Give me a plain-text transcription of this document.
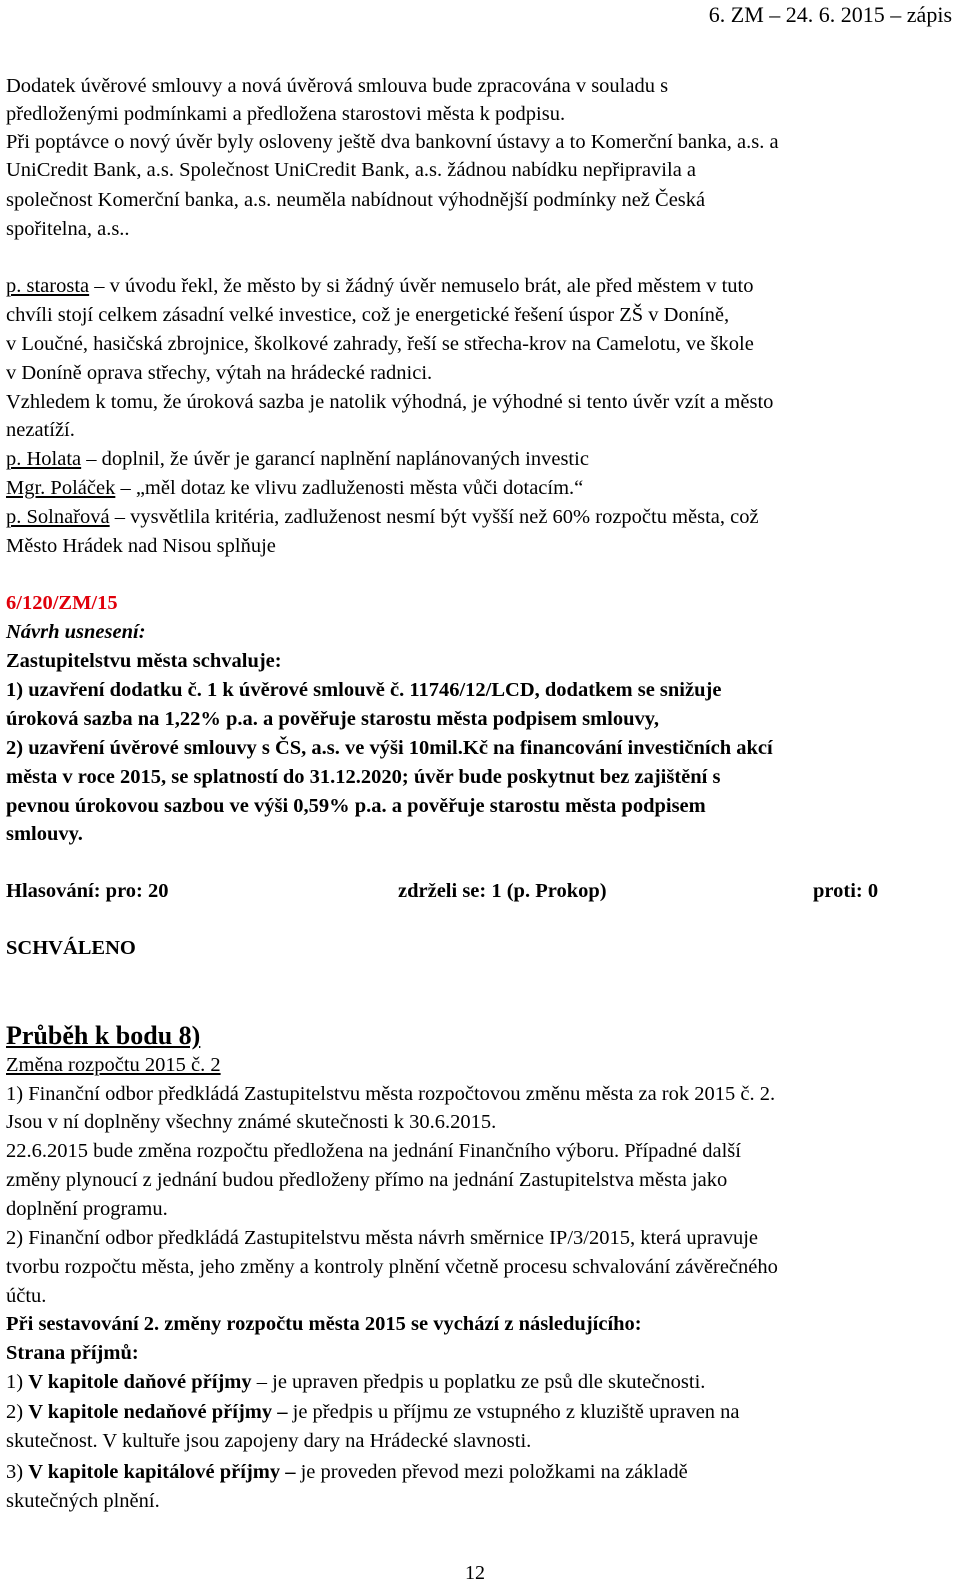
6. ZM – 24. 6. 2015 – zápis
Dodatek úvěrové smlouvy a nová úvěrová smlouva bude zpracována v souladu s
předloženými podmínkami a předložena starostovi města k podpisu.
Při poptávce o nový úvěr byly osloveny ještě dva bankovní ústavy a to Komerční banka, a.s. a
UniCredit Bank, a.s. Společnost UniCredit Bank, a.s. žádnou nabídku nepřipravila a
společnost Komerční banka, a.s. neuměla nabídnout výhodnější podmínky než Česká
spořitelna, a.s..
p. starosta – v úvodu řekl, že město by si žádný úvěr nemuselo brát, ale před městem v tuto
chvíli stojí celkem zásadní velké investice, což je energetické řešení úspor ZŠ v Doníně,
v Loučné, hasičská zbrojnice, školkové zahrady, řeší se střecha-krov na Camelotu, ve škole
v Doníně oprava střechy, výtah na hrádecké radnici.
Vzhledem k tomu, že úroková sazba je natolik výhodná, je výhodné si tento úvěr vzít a město
nezatíží.
p. Holata – doplnil, že úvěr je garancí naplnění naplánovaných investic
Mgr. Poláček – „měl dotaz ke vlivu zadluženosti města vůči dotacím.“
p. Solnařová – vysvětlila kritéria, zadluženost nesmí být vyšší než 60% rozpočtu města, což
Město Hrádek nad Nisou splňuje
6/120/ZM/15
Návrh usnesení:
Zastupitelstvu města schvaluje:
1) uzavření dodatku č. 1 k úvěrové smlouvě č. 11746/12/LCD, dodatkem se snižuje
úroková sazba na 1,22% p.a. a pověřuje starostu města podpisem smlouvy,
2) uzavření úvěrové smlouvy s ČS, a.s. ve výši 10mil.Kč na financování investičních akcí
města v roce 2015, se splatností do 31.12.2020; úvěr bude poskytnut bez zajištění s
pevnou úrokovou sazbou ve výši 0,59% p.a. a pověřuje starostu města podpisem
smlouvy.
Hlasování: pro: 20	zdrželi se: 1 (p. Prokop)	proti: 0
SCHVÁLENO
Průběh k bodu 8)
Změna rozpočtu 2015 č. 2
1) Finanční odbor předkládá Zastupitelstvu města rozpočtovou změnu města za rok 2015 č. 2.
Jsou v ní doplněny všechny známé skutečnosti k 30.6.2015.
22.6.2015 bude změna rozpočtu předložena na jednání Finančního výboru. Případné další
změny plynoucí z jednání budou předloženy přímo na jednání Zastupitelstva města jako
doplnění programu.
2) Finanční odbor předkládá Zastupitelstvu města návrh směrnice IP/3/2015, která upravuje
tvorbu rozpočtu města, jeho změny a kontroly plnění včetně procesu schvalování závěrečného
účtu.
Při sestavování 2. změny rozpočtu města 2015 se vychází z následujícího:
Strana příjmů:
1) V kapitole daňové příjmy – je upraven předpis u poplatku ze psů dle skutečnosti.
2) V kapitole nedaňové příjmy – je předpis u příjmu ze vstupného z kluziště upraven na
skutečnost. V kultuře jsou zapojeny dary na Hrádecké slavnosti.
3) V kapitole kapitálové příjmy – je proveden převod mezi položkami na základě
skutečných plnění.
12
